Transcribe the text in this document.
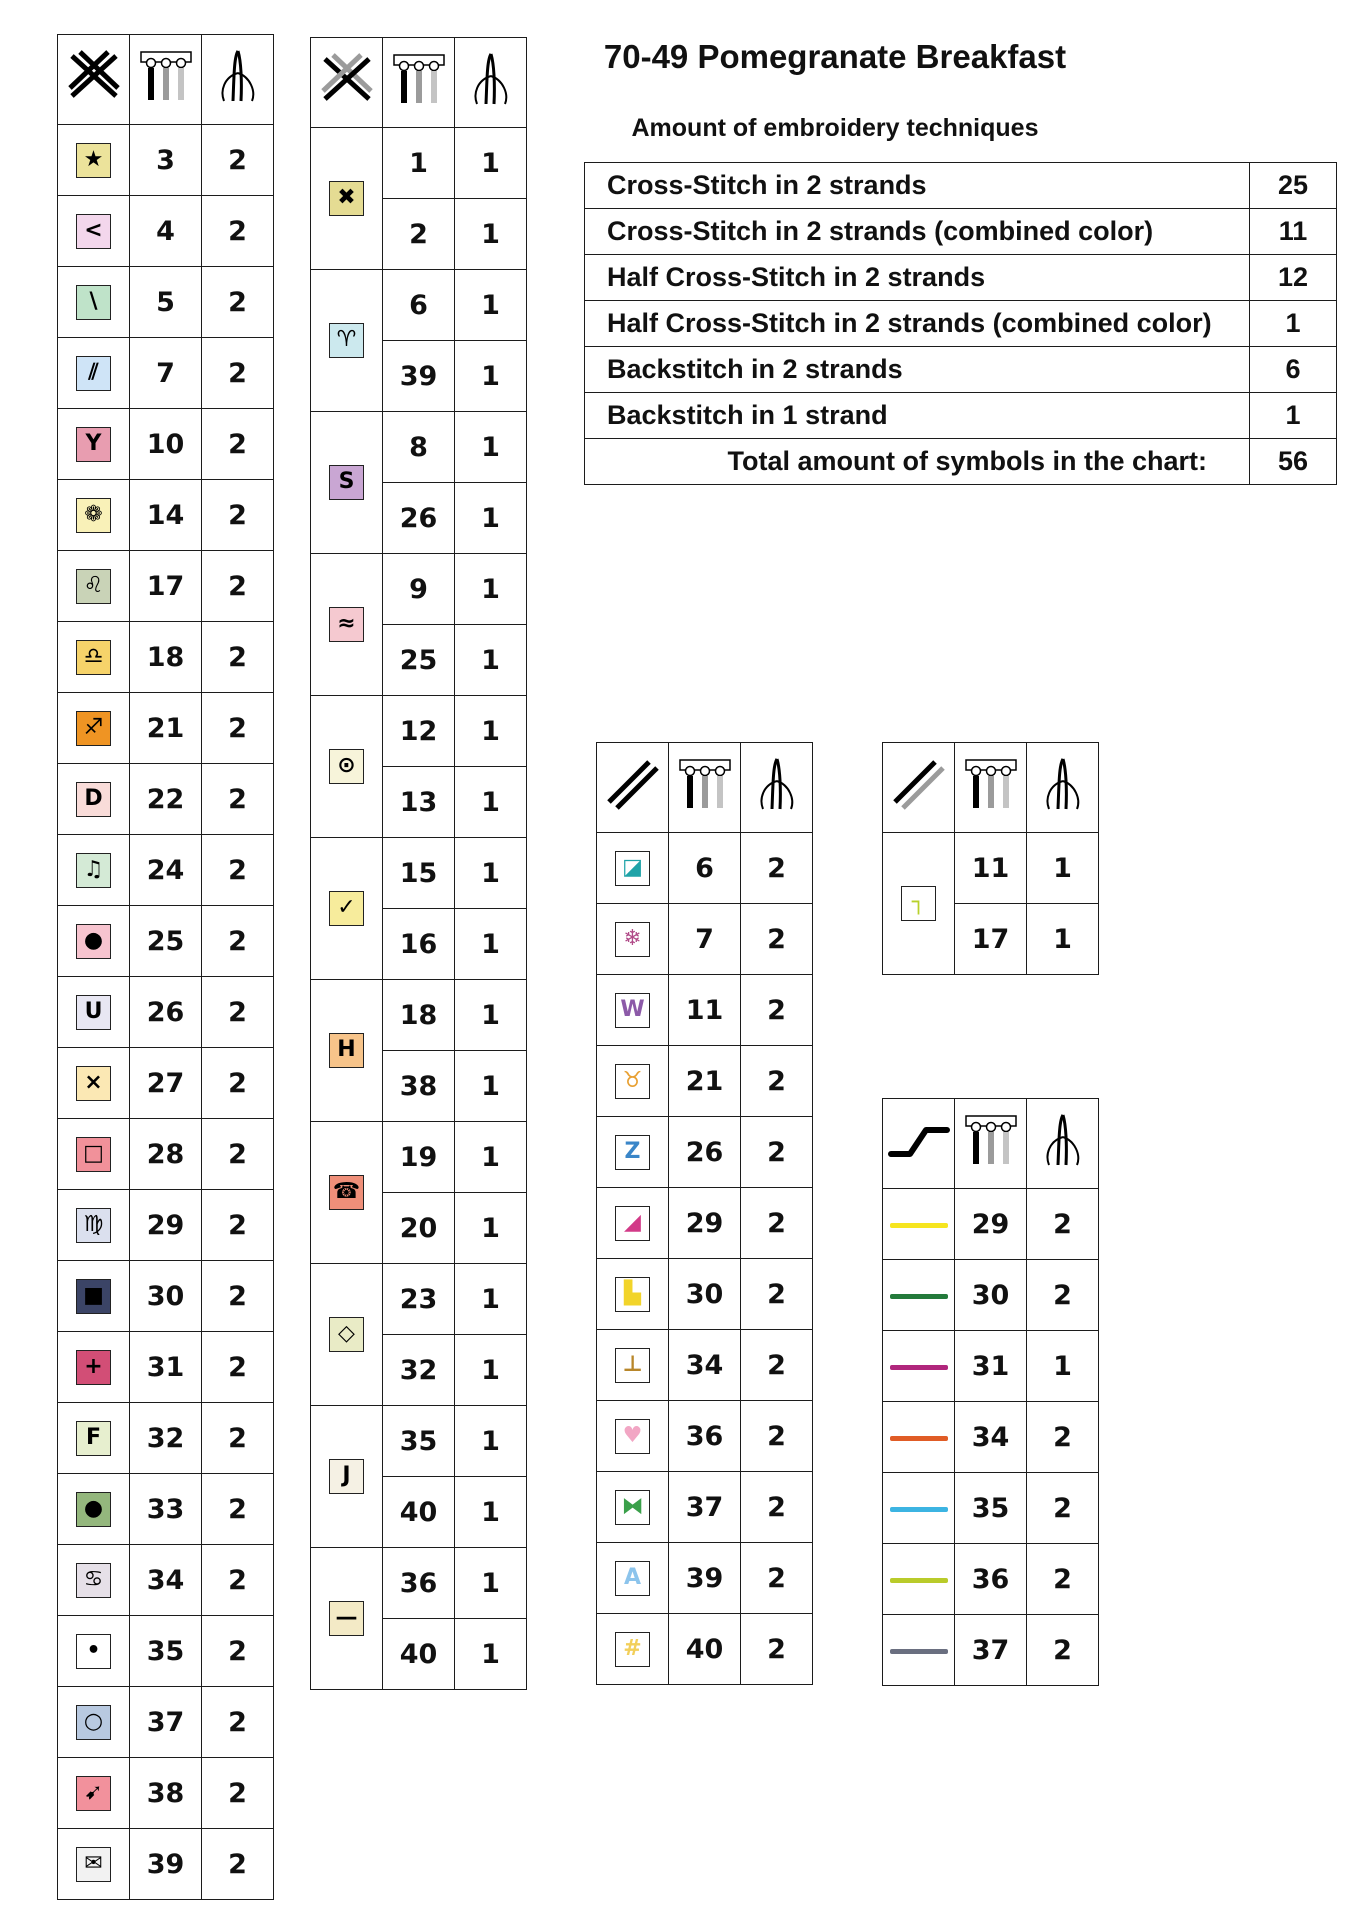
70-49 Pomegranate Breakfast
Amount of embroidery techniques
Cross-Stitch in 2 strands	25
Cross-Stitch in 2 strands (combined color)	11
Half Cross-Stitch in 2 strands	12
Half Cross-Stitch in 2 strands (combined color)	1
Backstitch in 2 strands	6
Backstitch in 1 strand	1
Total amount of symbols in the chart:	56

★	3	2
<	4	2
\	5	2
⫽	7	2
Y	10	2
❁	14	2
♌	17	2
♎	18	2
♐	21	2
D	22	2
♫	24	2
●	25	2
U	26	2
×	27	2
□	28	2
♍	29	2
■	30	2
+	31	2
F	32	2
●	33	2
♋	34	2
•	35	2
○	37	2
➹	38	2
✉	39	2

✖	1	1
	2	1
♈	6	1
	39	1
S	8	1
	26	1
≈	9	1
	25	1
⊙	12	1
	13	1
✓	15	1
	16	1
H	18	1
	38	1
☎	19	1
	20	1
◇	23	1
	32	1
J	35	1
	40	1
—	36	1
	40	1

◪	6	2
❄	7	2
W	11	2
♉	21	2
Z	26	2
◢	29	2
▙	30	2
⊥	34	2
♥	36	2
⧓	37	2
A	39	2
#	40	2

┐	11	1
	17	1

	29	2
	30	2
	31	1
	34	2
	35	2
	36	2
	37	2
